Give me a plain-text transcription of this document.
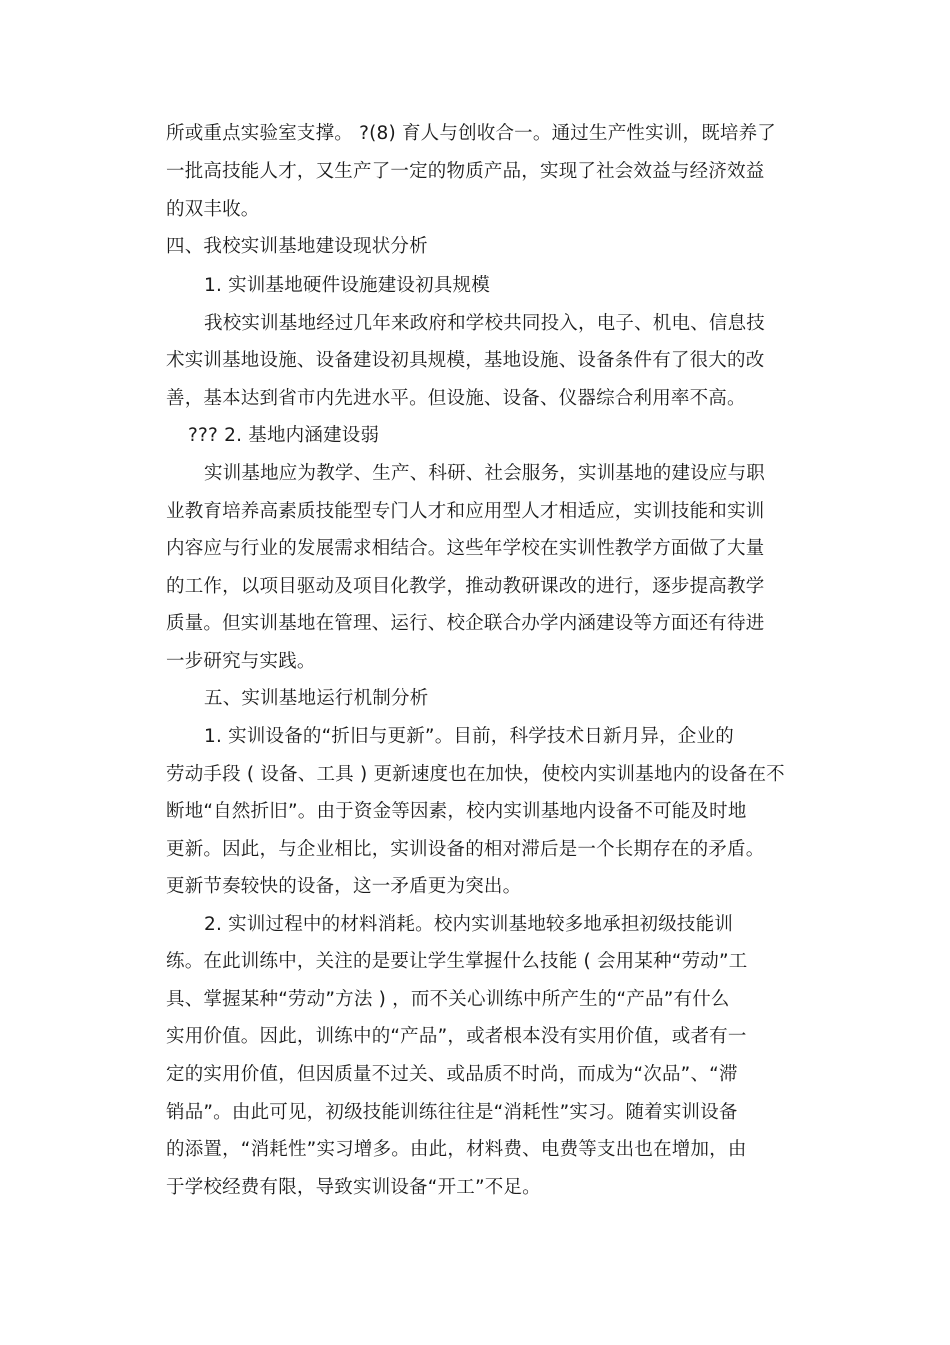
所或重点实验室支撑。 ?(8) 育人与创收合一。通过生产性实训，既培养了
一批高技能人才，又生产了一定的物质产品，实现了社会效益与经济效益
的双丰收。
四、我校实训基地建设现状分析
1. 实训基地硬件设施建设初具规模
我校实训基地经过几年来政府和学校共同投入，电子、机电、信息技
术实训基地设施、设备建设初具规模，基地设施、设备条件有了很大的改
善，基本达到省市内先进水平。但设施、设备、仪器综合利用率不高。
??? 2. 基地内涵建设弱
实训基地应为教学、生产、科研、社会服务，实训基地的建设应与职
业教育培养高素质技能型专门人才和应用型人才相适应，实训技能和实训
内容应与行业的发展需求相结合。这些年学校在实训性教学方面做了大量
的工作，以项目驱动及项目化教学，推动教研课改的进行，逐步提高教学
质量。但实训基地在管理、运行、校企联合办学内涵建设等方面还有待进
一步研究与实践。
五、实训基地运行机制分析
1. 实训设备的“折旧与更新”。目前，科学技术日新月异，企业的
劳动手段 ( 设备、工具 ) 更新速度也在加快，使校内实训基地内的设备在不
断地“自然折旧”。由于资金等因素，校内实训基地内设备不可能及时地
更新。因此，与企业相比，实训设备的相对滞后是一个长期存在的矛盾。
更新节奏较快的设备，这一矛盾更为突出。
2. 实训过程中的材料消耗。校内实训基地较多地承担初级技能训
练。在此训练中，关注的是要让学生掌握什么技能 ( 会用某种“劳动”工
具、掌握某种“劳动”方法 ) ，而不关心训练中所产生的“产品”有什么
实用价值。因此，训练中的“产品”，或者根本没有实用价值，或者有一
定的实用价值，但因质量不过关、或品质不时尚，而成为“次品”、“滞
销品”。由此可见，初级技能训练往往是“消耗性”实习。随着实训设备
的添置，“消耗性”实习增多。由此，材料费、电费等支出也在增加，由
于学校经费有限，导致实训设备“开工”不足。
